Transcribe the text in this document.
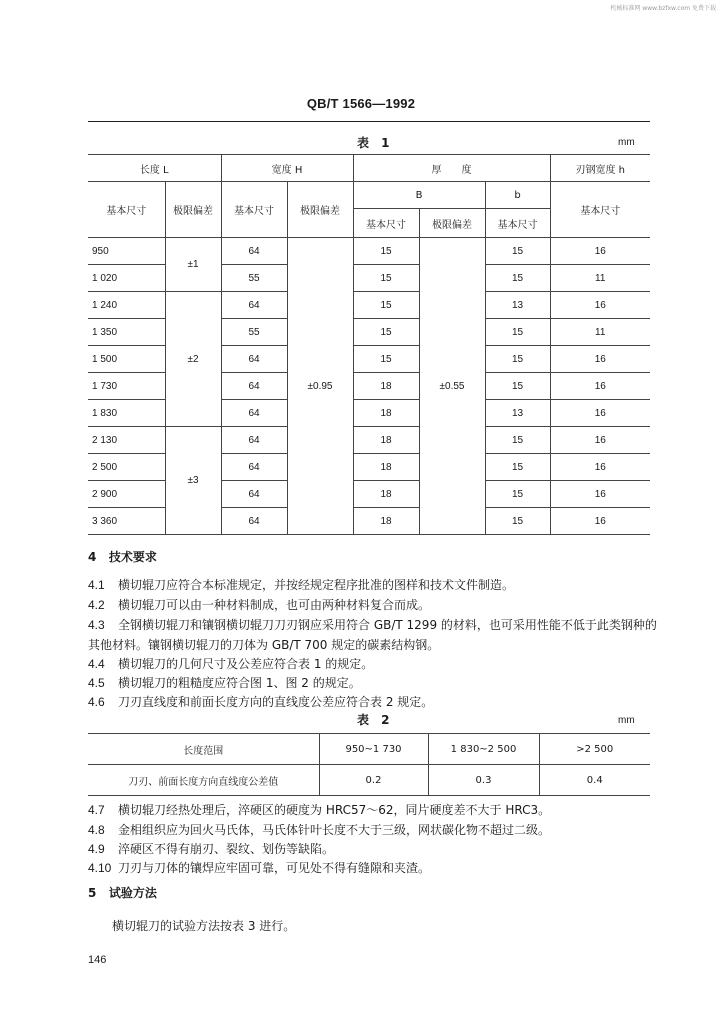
机械标准网 www.bzfxw.com 免费下载
QB/T 1566—1992
表 1	mm
长度 L		宽度 H		厚　　度			刃钢宽度 h
基本尺寸	极限偏差	基本尺寸	极限偏差	B		b	基本尺寸
				基本尺寸	极限偏差	基本尺寸	
950	±1	64	±0.95	15	±0.55	15	16
1 020		55		15		15	11
1 240	±2	64		15		13	16
1 350		55		15		15	11
1 500		64		15		15	16
1 730		64		18		15	16
1 830		64		18		13	16
2 130	±3	64		18		15	16
2 500		64		18		15	16
2 900		64		18		15	16
3 360		64		18		15	16
4 技术要求
4.1 横切辊刀应符合本标准规定，并按经规定程序批准的图样和技术文件制造。
4.2 横切辊刀可以由一种材料制成，也可由两种材料复合而成。
4.3 全钢横切辊刀和镶钢横切辊刀刀刃钢应采用符合 GB/T 1299 的材料，也可采用性能不低于此类钢种的其他材料。镶钢横切辊刀的刀体为 GB/T 700 规定的碳素结构钢。
4.4 横切辊刀的几何尺寸及公差应符合表 1 的规定。
4.5 横切辊刀的粗糙度应符合图 1、图 2 的规定。
4.6 刀刃直线度和前面长度方向的直线度公差应符合表 2 规定。
表 2	mm
长度范围	950~1 730	1 830~2 500	>2 500
刀刃、前面长度方向直线度公差值	0.2	0.3	0.4
4.7 横切辊刀经热处理后，淬硬区的硬度为 HRC57～62，同片硬度差不大于 HRC3。
4.8 金相组织应为回火马氏体，马氏体针叶长度不大于三级，网状碳化物不超过二级。
4.9 淬硬区不得有崩刃、裂纹、划伤等缺陷。
4.10 刀刃与刀体的镶焊应牢固可靠，可见处不得有缝隙和夹渣。
5 试验方法
横切辊刀的试验方法按表 3 进行。
146
